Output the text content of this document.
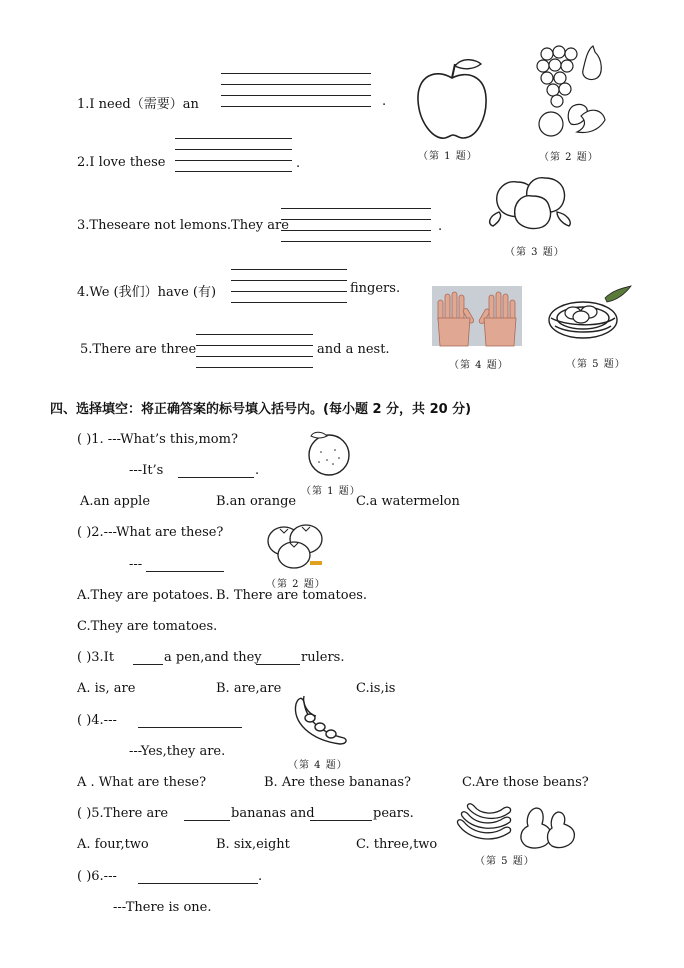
1.I need（需要）an	.
2.I love these	.
3.Theseare not lemons.They are	.
4.We (我们）have (有)	fingers.
5.There are three	and a nest.
（第 1 题）	（第 2 题）
（第 3 题）
（第 4 题）	（第 5 题）
四、选择填空：将正确答案的标号填入括号内。(每小题 2 分，共 20 分)
( )1. ---What’s this,mom?
---It’s	.
（第 1 题）
A.an apple	B.an orange	C.a watermelon
( )2.---What are these?
---
（第 2 题）
A.They are potatoes. B. There are tomatoes.
C.They are tomatoes.
( )3.It	a pen,and they	rulers.
A. is, are	B. are,are	C.is,is
( )4.---
---Yes,they are.
（第 4 题）
A . What are these?	B. Are these bananas?	C.Are those beans?
( )5.There are	bananas and	pears.
（第 5 题）
A. four,two	B. six,eight	C. three,two
( )6.---	.
---There is one.
